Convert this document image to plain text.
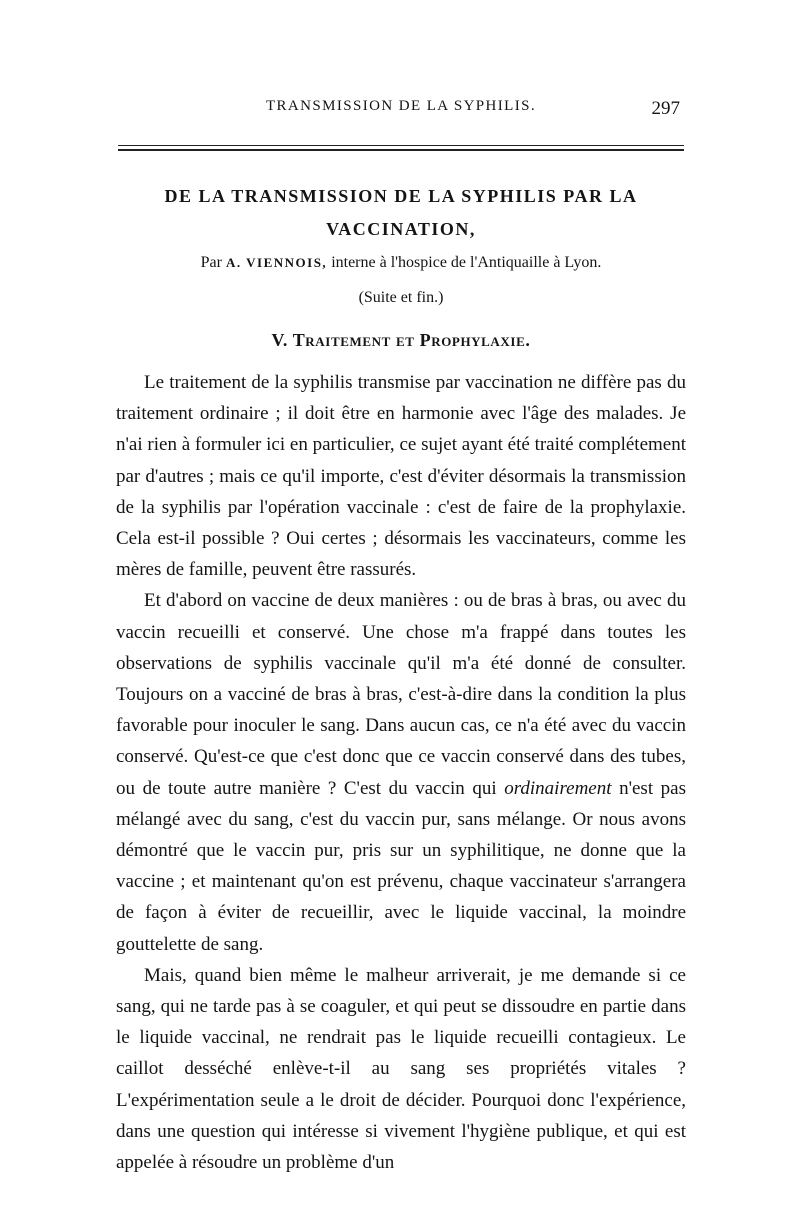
TRANSMISSION DE LA SYPHILIS.	297
DE LA TRANSMISSION DE LA SYPHILIS PAR LA VACCINATION,
Par A. VIENNOIS, interne à l'hospice de l'Antiquaille à Lyon.
(Suite et fin.)
V. Traitement et Prophylaxie.

Le traitement de la syphilis transmise par vaccination ne diffère pas du traitement ordinaire ; il doit être en harmonie avec l'âge des malades. Je n'ai rien à formuler ici en particulier, ce sujet ayant été traité complétement par d'autres ; mais ce qu'il importe, c'est d'éviter désormais la transmission de la syphilis par l'opération vaccinale : c'est de faire de la prophylaxie. Cela est-il possible ? Oui certes ; désormais les vaccinateurs, comme les mères de famille, peuvent être rassurés.

Et d'abord on vaccine de deux manières : ou de bras à bras, ou avec du vaccin recueilli et conservé. Une chose m'a frappé dans toutes les observations de syphilis vaccinale qu'il m'a été donné de consulter. Toujours on a vacciné de bras à bras, c'est-à-dire dans la condition la plus favorable pour inoculer le sang. Dans aucun cas, ce n'a été avec du vaccin conservé. Qu'est-ce que c'est donc que ce vaccin conservé dans des tubes, ou de toute autre manière ? C'est du vaccin qui ordinairement n'est pas mélangé avec du sang, c'est du vaccin pur, sans mélange. Or nous avons démontré que le vaccin pur, pris sur un syphilitique, ne donne que la vaccine ; et maintenant qu'on est prévenu, chaque vaccinateur s'arrangera de façon à éviter de recueillir, avec le liquide vaccinal, la moindre gouttelette de sang.

Mais, quand bien même le malheur arriverait, je me demande si ce sang, qui ne tarde pas à se coaguler, et qui peut se dissoudre en partie dans le liquide vaccinal, ne rendrait pas le liquide recueilli contagieux. Le caillot desséché enlève-t-il au sang ses propriétés vitales ? L'expérimentation seule a le droit de décider. Pourquoi donc l'expérience, dans une question qui intéresse si vivement l'hygiène publique, et qui est appelée à résoudre un problème d'un
